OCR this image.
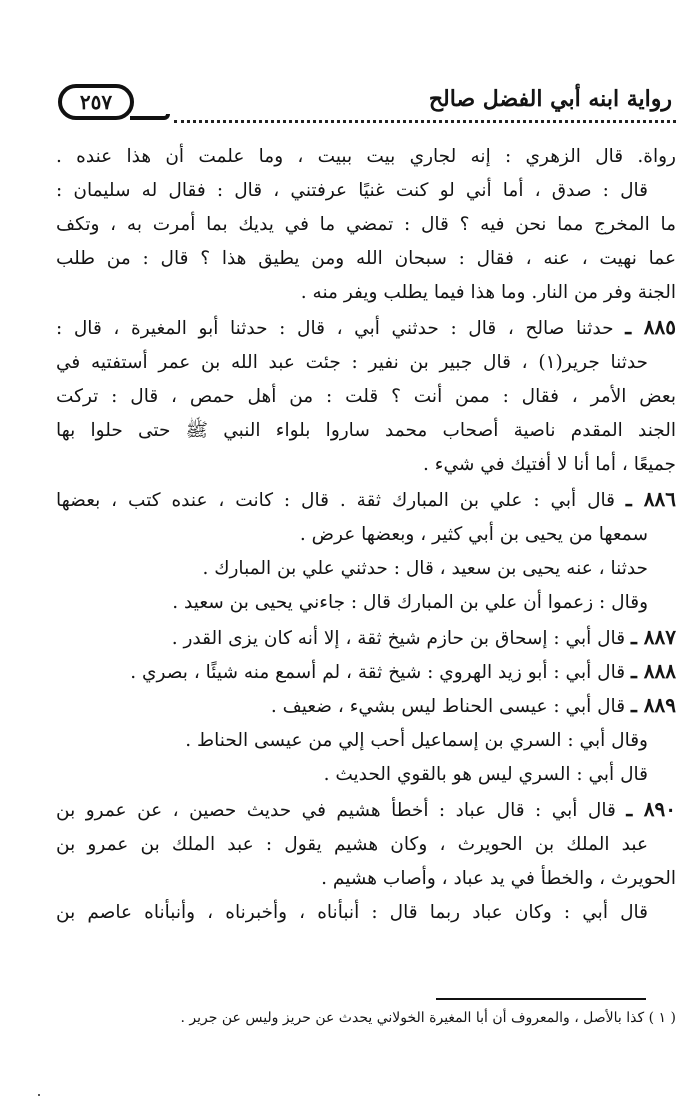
٢٥٧	رواية ابنه أبي الفضل صالح
رواة. قال الزهري : إنه لجاري بيت ببيت ، وما علمت أن هذا عنده .
قال : صدق ، أما أني لو كنت غنيًا عرفتني ، قال : فقال له سليمان :
ما المخرج مما نحن فيه ؟ قال : تمضي ما في يديك بما أمرت به ، وتكف
عما نهيت ، عنه ، فقال : سبحان الله ومن يطيق هذا ؟ قال : من طلب
الجنة وفر من النار. وما هذا فيما يطلب ويفر منه .
٨٨٥ ـ حدثنا صالح ، قال : حدثني أبي ، قال : حدثنا أبو المغيرة ، قال :
حدثنا جرير(١) ، قال جبير بن نفير : جئت عبد الله بن عمر أستفتيه في
بعض الأمر ، فقال : ممن أنت ؟ قلت : من أهل حمص ، قال : تركت
الجند المقدم ناصية أصحاب محمد ساروا بلواء النبي ﷺ حتى حلوا بها
جميعًا ، أما أنا لا أفتيك في شيء .
٨٨٦ ـ قال أبي : علي بن المبارك ثقة . قال : كانت ، عنده كتب ، بعضها
سمعها من يحيى بن أبي كثير ، وبعضها عرض .
حدثنا ، عنه يحيى بن سعيد ، قال : حدثني علي بن المبارك .
وقال : زعموا أن علي بن المبارك قال : جاءني يحيى بن سعيد .
٨٨٧ ـ قال أبي : إسحاق بن حازم شيخ ثقة ، إلا أنه كان يزى القدر .
٨٨٨ ـ قال أبي : أبو زيد الهروي : شيخ ثقة ، لم أسمع منه شيئًا ، بصري .
٨٨٩ ـ قال أبي : عيسى الحناط ليس بشيء ، ضعيف .
وقال أبي : السري بن إسماعيل أحب إلي من عيسى الحناط .
قال أبي : السري ليس هو بالقوي الحديث .
٨٩٠ ـ قال أبي : قال عباد : أخطأ هشيم في حديث حصين ، عن عمرو بن
عبد الملك بن الحويرث ، وكان هشيم يقول : عبد الملك بن عمرو بن
الحويرث ، والخطأ في يد عباد ، وأصاب هشيم .
قال أبي : وكان عباد ربما قال : أنبأناه ، وأخبرناه ، وأنبأناه عاصم بن
( ١ ) كذا بالأصل ، والمعروف أن أبا المغيرة الخولاني يحدث عن حريز وليس عن جرير .
